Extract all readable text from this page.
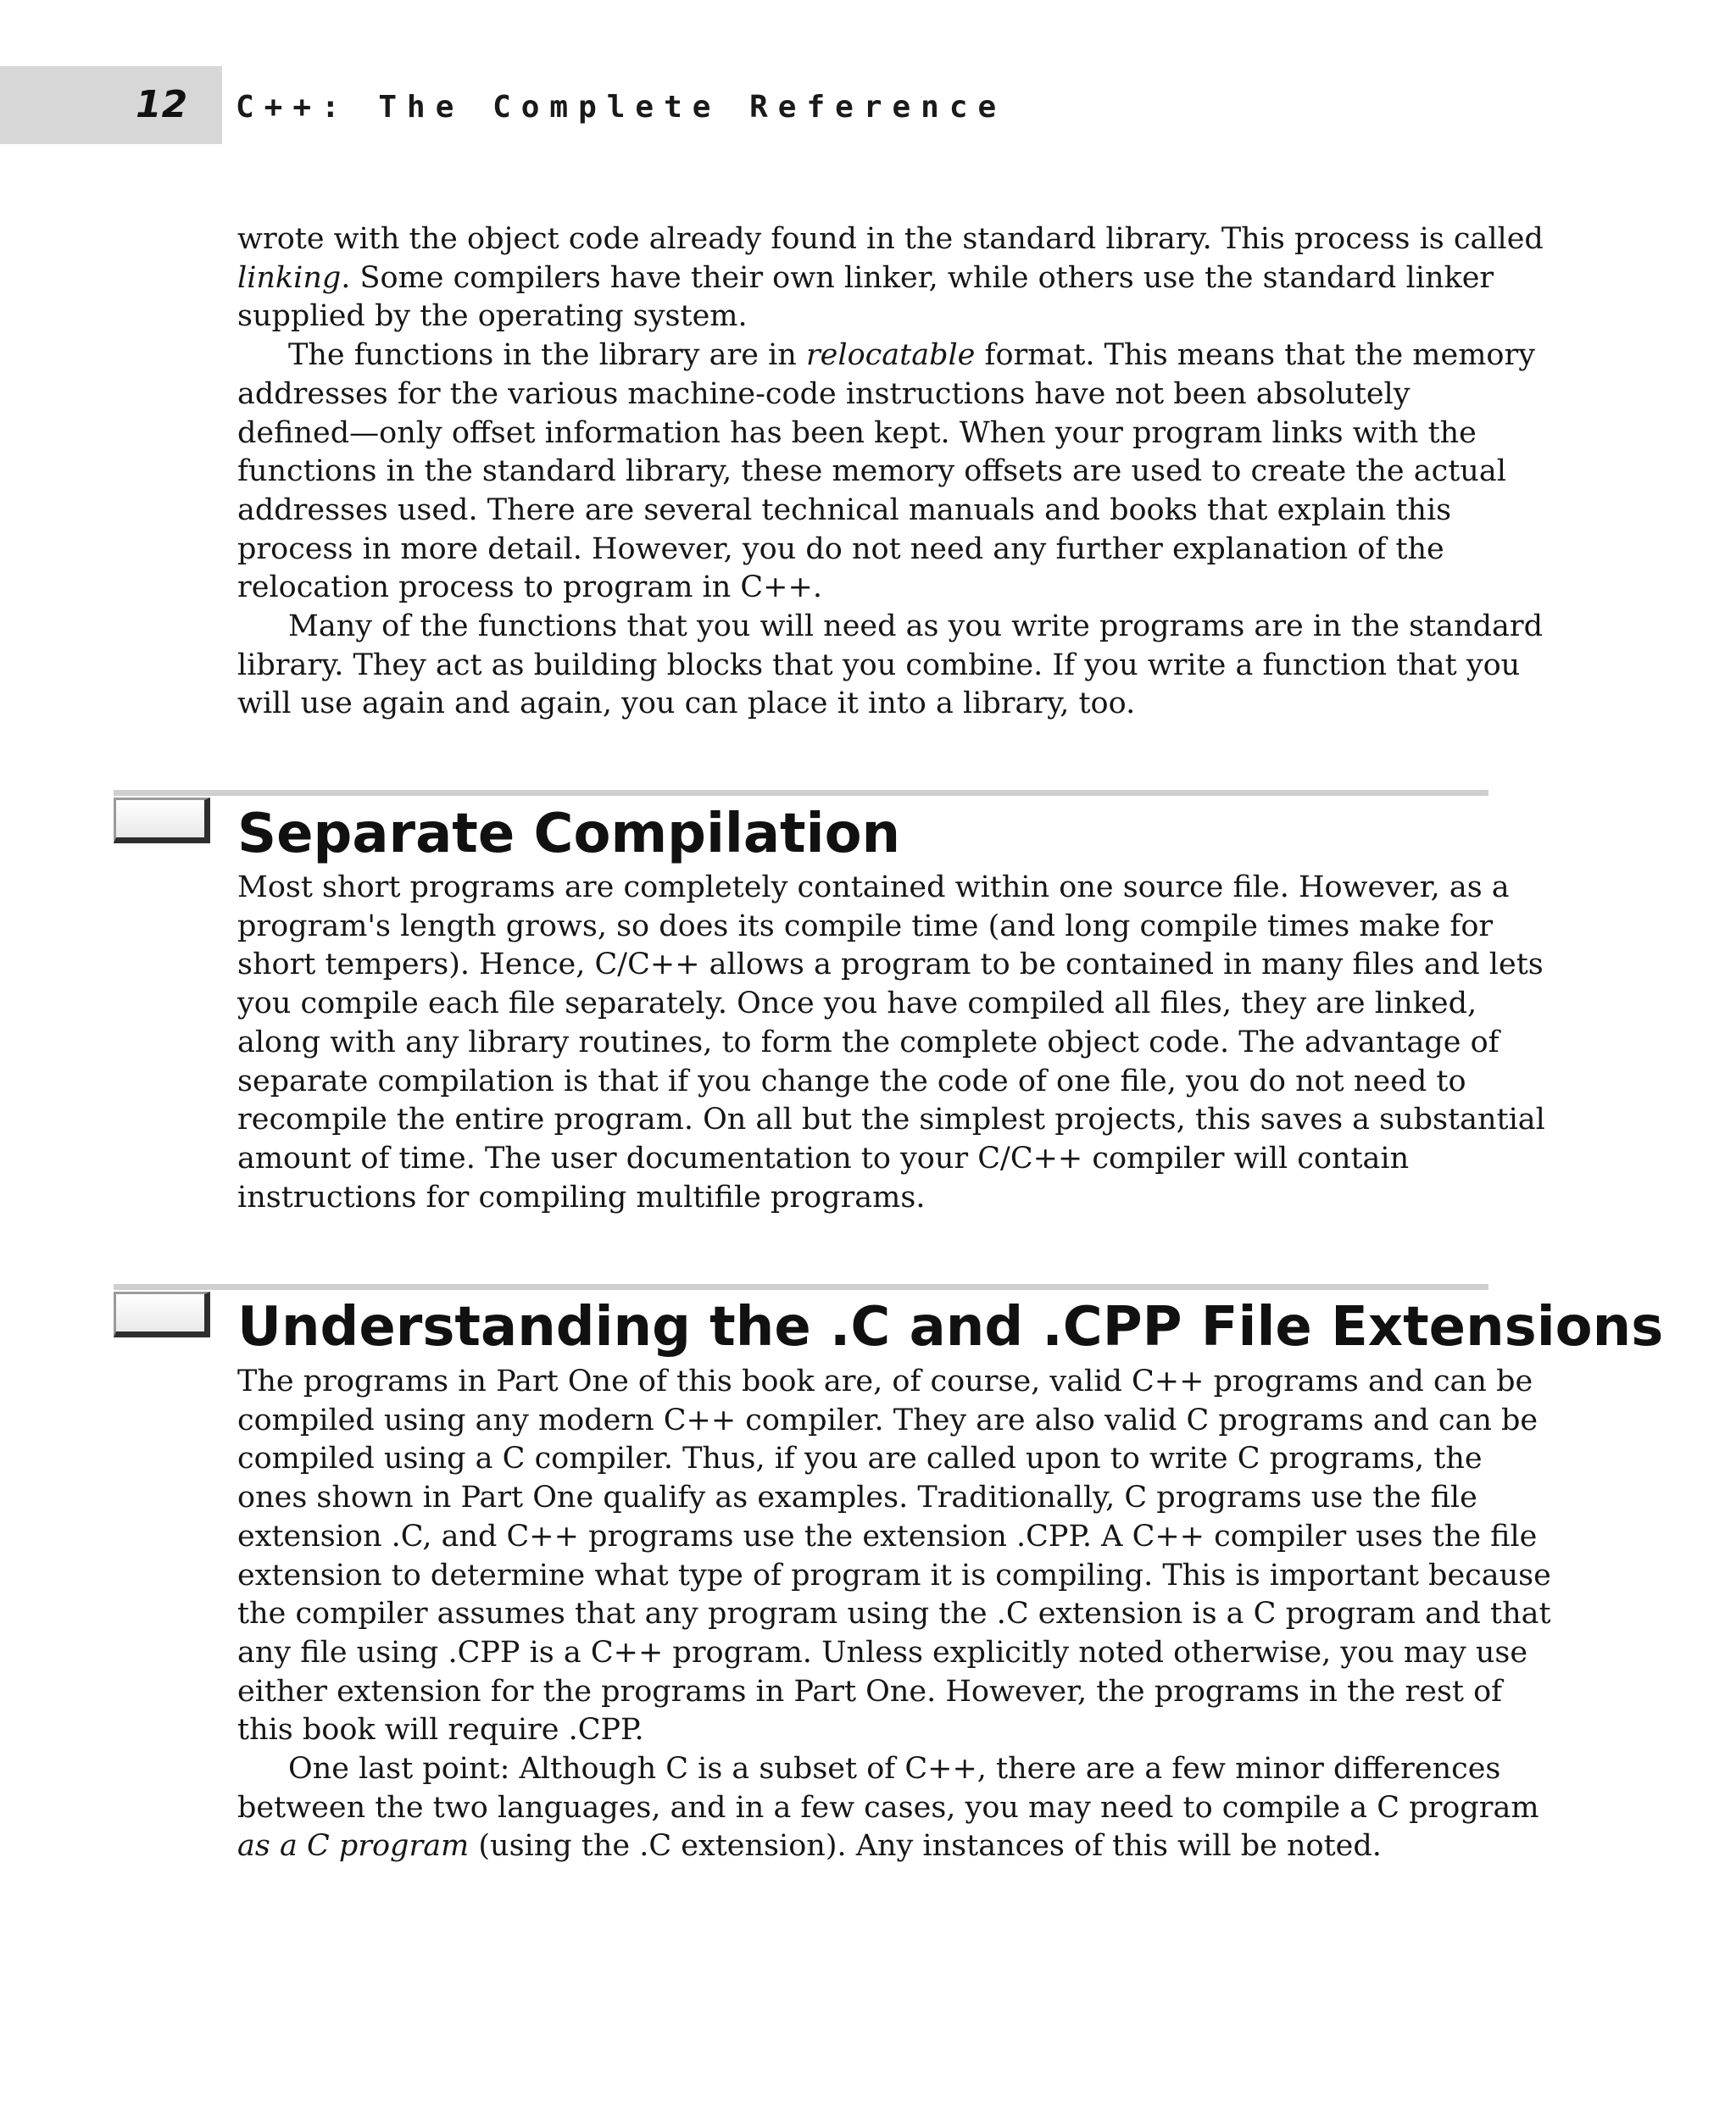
12 C++: The Complete Reference

wrote with the object code already found in the standard library. This process is called
linking. Some compilers have their own linker, while others use the standard linker
supplied by the operating system.

The functions in the library are in relocatable format. This means that the memory
addresses for the various machine-code instructions have not been absolutely
defined—only offset information has been kept. When your program links with the
functions in the standard library, these memory offsets are used to create the actual
addresses used. There are several technical manuals and books that explain this
process in more detail. However, you do not need any further explanation of the
relocation process to program in C++.

Many of the functions that you will need as you write programs are in the standard
library. They act as building blocks that you combine. If you write a function that you
will use again and again, you can place it into a library, too.

Separate Compilation

Most short programs are completely contained within one source file. However, as a
program's length grows, so does its compile time (and long compile times make for
short tempers). Hence, C/C++ allows a program to be contained in many files and lets
you compile each file separately. Once you have compiled all files, they are linked,
along with any library routines, to form the complete object code. The advantage of
separate compilation is that if you change the code of one file, you do not need to
recompile the entire program. On all but the simplest projects, this saves a substantial
amount of time. The user documentation to your C/C++ compiler will contain
instructions for compiling multifile programs.

Understanding the .C and .CPP File Extensions

The programs in Part One of this book are, of course, valid C++ programs and can be
compiled using any modern C++ compiler. They are also valid C programs and can be
compiled using a C compiler. Thus, if you are called upon to write C programs, the
ones shown in Part One qualify as examples. Traditionally, C programs use the file
extension .C, and C++ programs use the extension .CPP. A C++ compiler uses the file
extension to determine what type of program it is compiling. This is important because
the compiler assumes that any program using the .C extension is a C program and that
any file using .CPP is a C++ program. Unless explicitly noted otherwise, you may use
either extension for the programs in Part One. However, the programs in the rest of
this book will require .CPP.

One last point: Although C is a subset of C++, there are a few minor differences
between the two languages, and in a few cases, you may need to compile a C program
as a C program (using the .C extension). Any instances of this will be noted.
